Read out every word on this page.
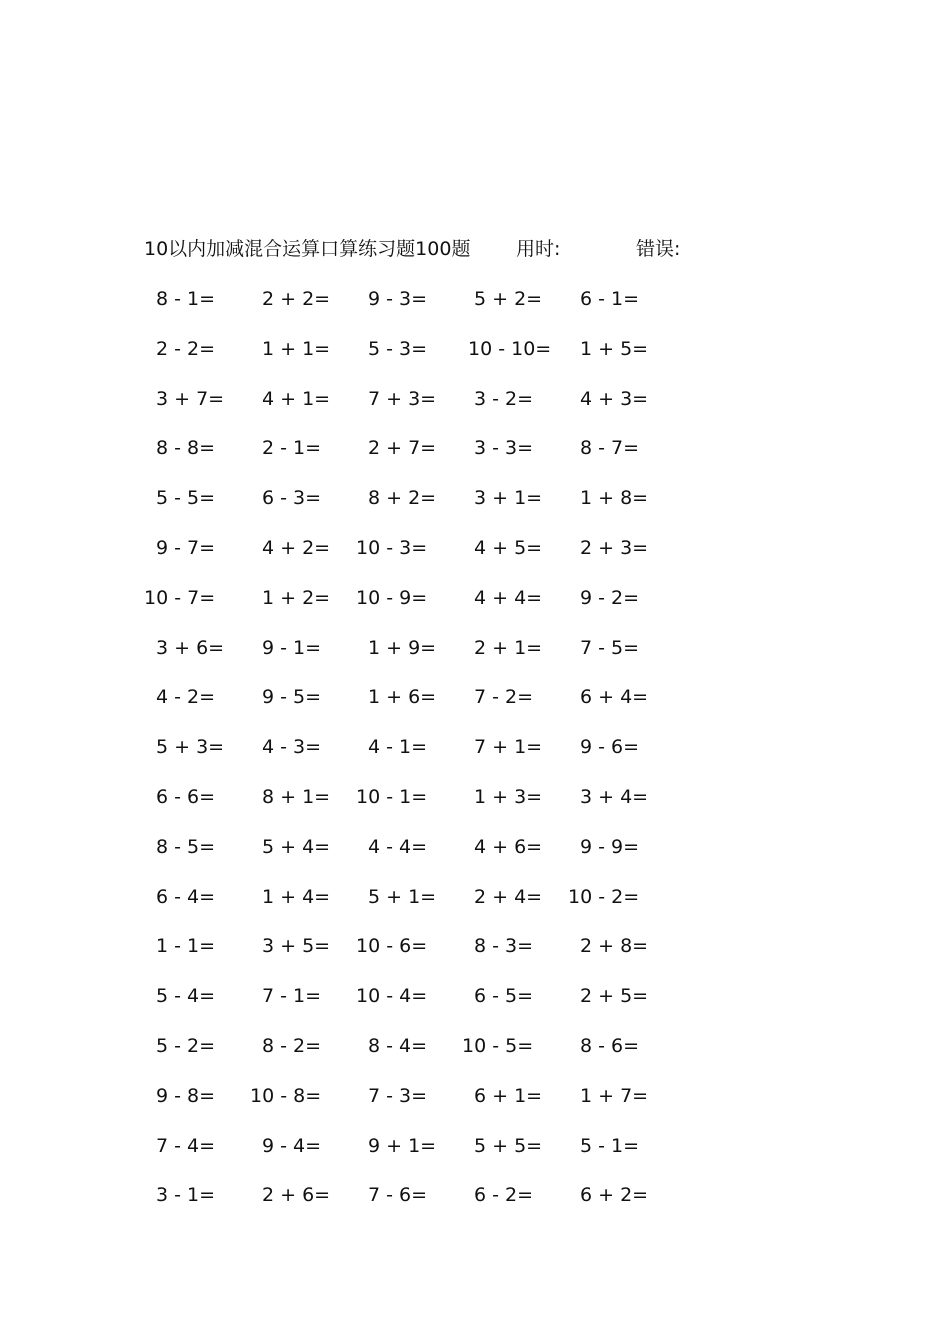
10以内加减混合运算口算练习题100题 用时:	错误:
8 - 1= 2 + 2= 9 - 3= 5 + 2= 6 - 1=
2 - 2= 1 + 1= 5 - 3= 10 - 10= 1 + 5=
3 + 7= 4 + 1= 7 + 3= 3 - 2= 4 + 3=
8 - 8= 2 - 1= 2 + 7= 3 - 3= 8 - 7=
5 - 5= 6 - 3= 8 + 2= 3 + 1= 1 + 8=
9 - 7= 4 + 2= 10 - 3= 4 + 5= 2 + 3=
10 - 7= 1 + 2= 10 - 9= 4 + 4= 9 - 2=
3 + 6= 9 - 1= 1 + 9= 2 + 1= 7 - 5=
4 - 2= 9 - 5= 1 + 6= 7 - 2= 6 + 4=
5 + 3= 4 - 3= 4 - 1= 7 + 1= 9 - 6=
6 - 6= 8 + 1= 10 - 1= 1 + 3= 3 + 4=
8 - 5= 5 + 4= 4 - 4= 4 + 6= 9 - 9=
6 - 4= 1 + 4= 5 + 1= 2 + 4= 10 - 2=
1 - 1= 3 + 5= 10 - 6= 8 - 3= 2 + 8=
5 - 4= 7 - 1= 10 - 4= 6 - 5= 2 + 5=
5 - 2= 8 - 2= 8 - 4= 10 - 5= 8 - 6=
9 - 8= 10 - 8= 7 - 3= 6 + 1= 1 + 7=
7 - 4= 9 - 4= 9 + 1= 5 + 5= 5 - 1=
3 - 1= 2 + 6= 7 - 6= 6 - 2= 6 + 2=
